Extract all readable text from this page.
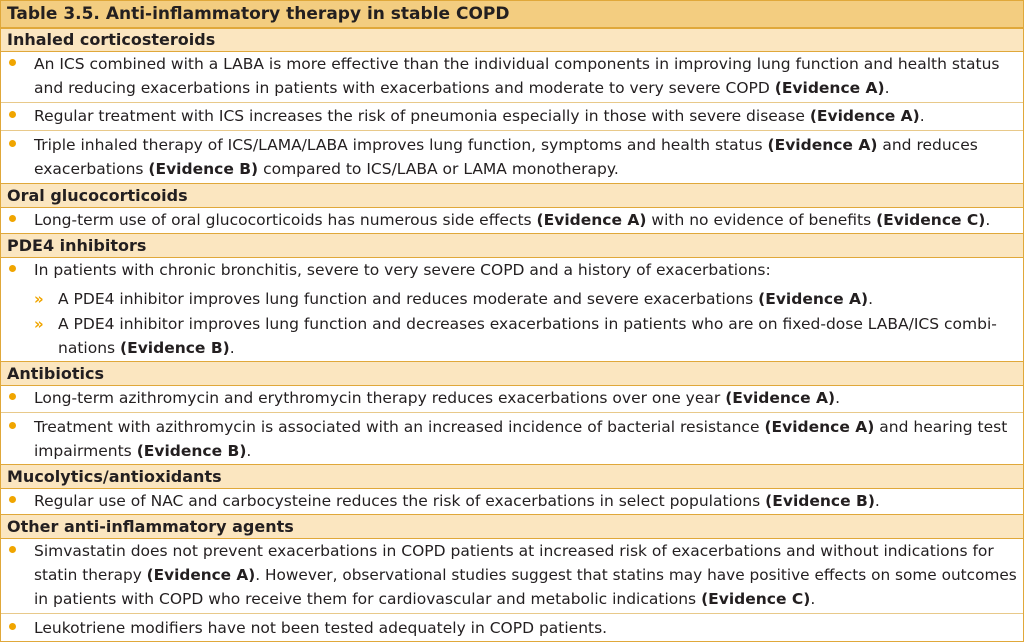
Table 3.5. Anti-inflammatory therapy in stable COPD
Inhaled corticosteroids
An ICS combined with a LABA is more effective than the individual components in improving lung function and health status
and reducing exacerbations in patients with exacerbations and moderate to very severe COPD (Evidence A).
Regular treatment with ICS increases the risk of pneumonia especially in those with severe disease (Evidence A).
Triple inhaled therapy of ICS/LAMA/LABA improves lung function, symptoms and health status (Evidence A) and reduces
exacerbations (Evidence B) compared to ICS/LABA or LAMA monotherapy.
Oral glucocorticoids
Long-term use of oral glucocorticoids has numerous side effects (Evidence A) with no evidence of benefits (Evidence C).
PDE4 inhibitors
In patients with chronic bronchitis, severe to very severe COPD and a history of exacerbations:
» A PDE4 inhibitor improves lung function and reduces moderate and severe exacerbations (Evidence A).
» A PDE4 inhibitor improves lung function and decreases exacerbations in patients who are on fixed-dose LABA/ICS combi-
nations (Evidence B).
Antibiotics
Long-term azithromycin and erythromycin therapy reduces exacerbations over one year (Evidence A).
Treatment with azithromycin is associated with an increased incidence of bacterial resistance (Evidence A) and hearing test
impairments (Evidence B).
Mucolytics/antioxidants
Regular use of NAC and carbocysteine reduces the risk of exacerbations in select populations (Evidence B).
Other anti-inflammatory agents
Simvastatin does not prevent exacerbations in COPD patients at increased risk of exacerbations and without indications for
statin therapy (Evidence A). However, observational studies suggest that statins may have positive effects on some outcomes
in patients with COPD who receive them for cardiovascular and metabolic indications (Evidence C).
Leukotriene modifiers have not been tested adequately in COPD patients.
